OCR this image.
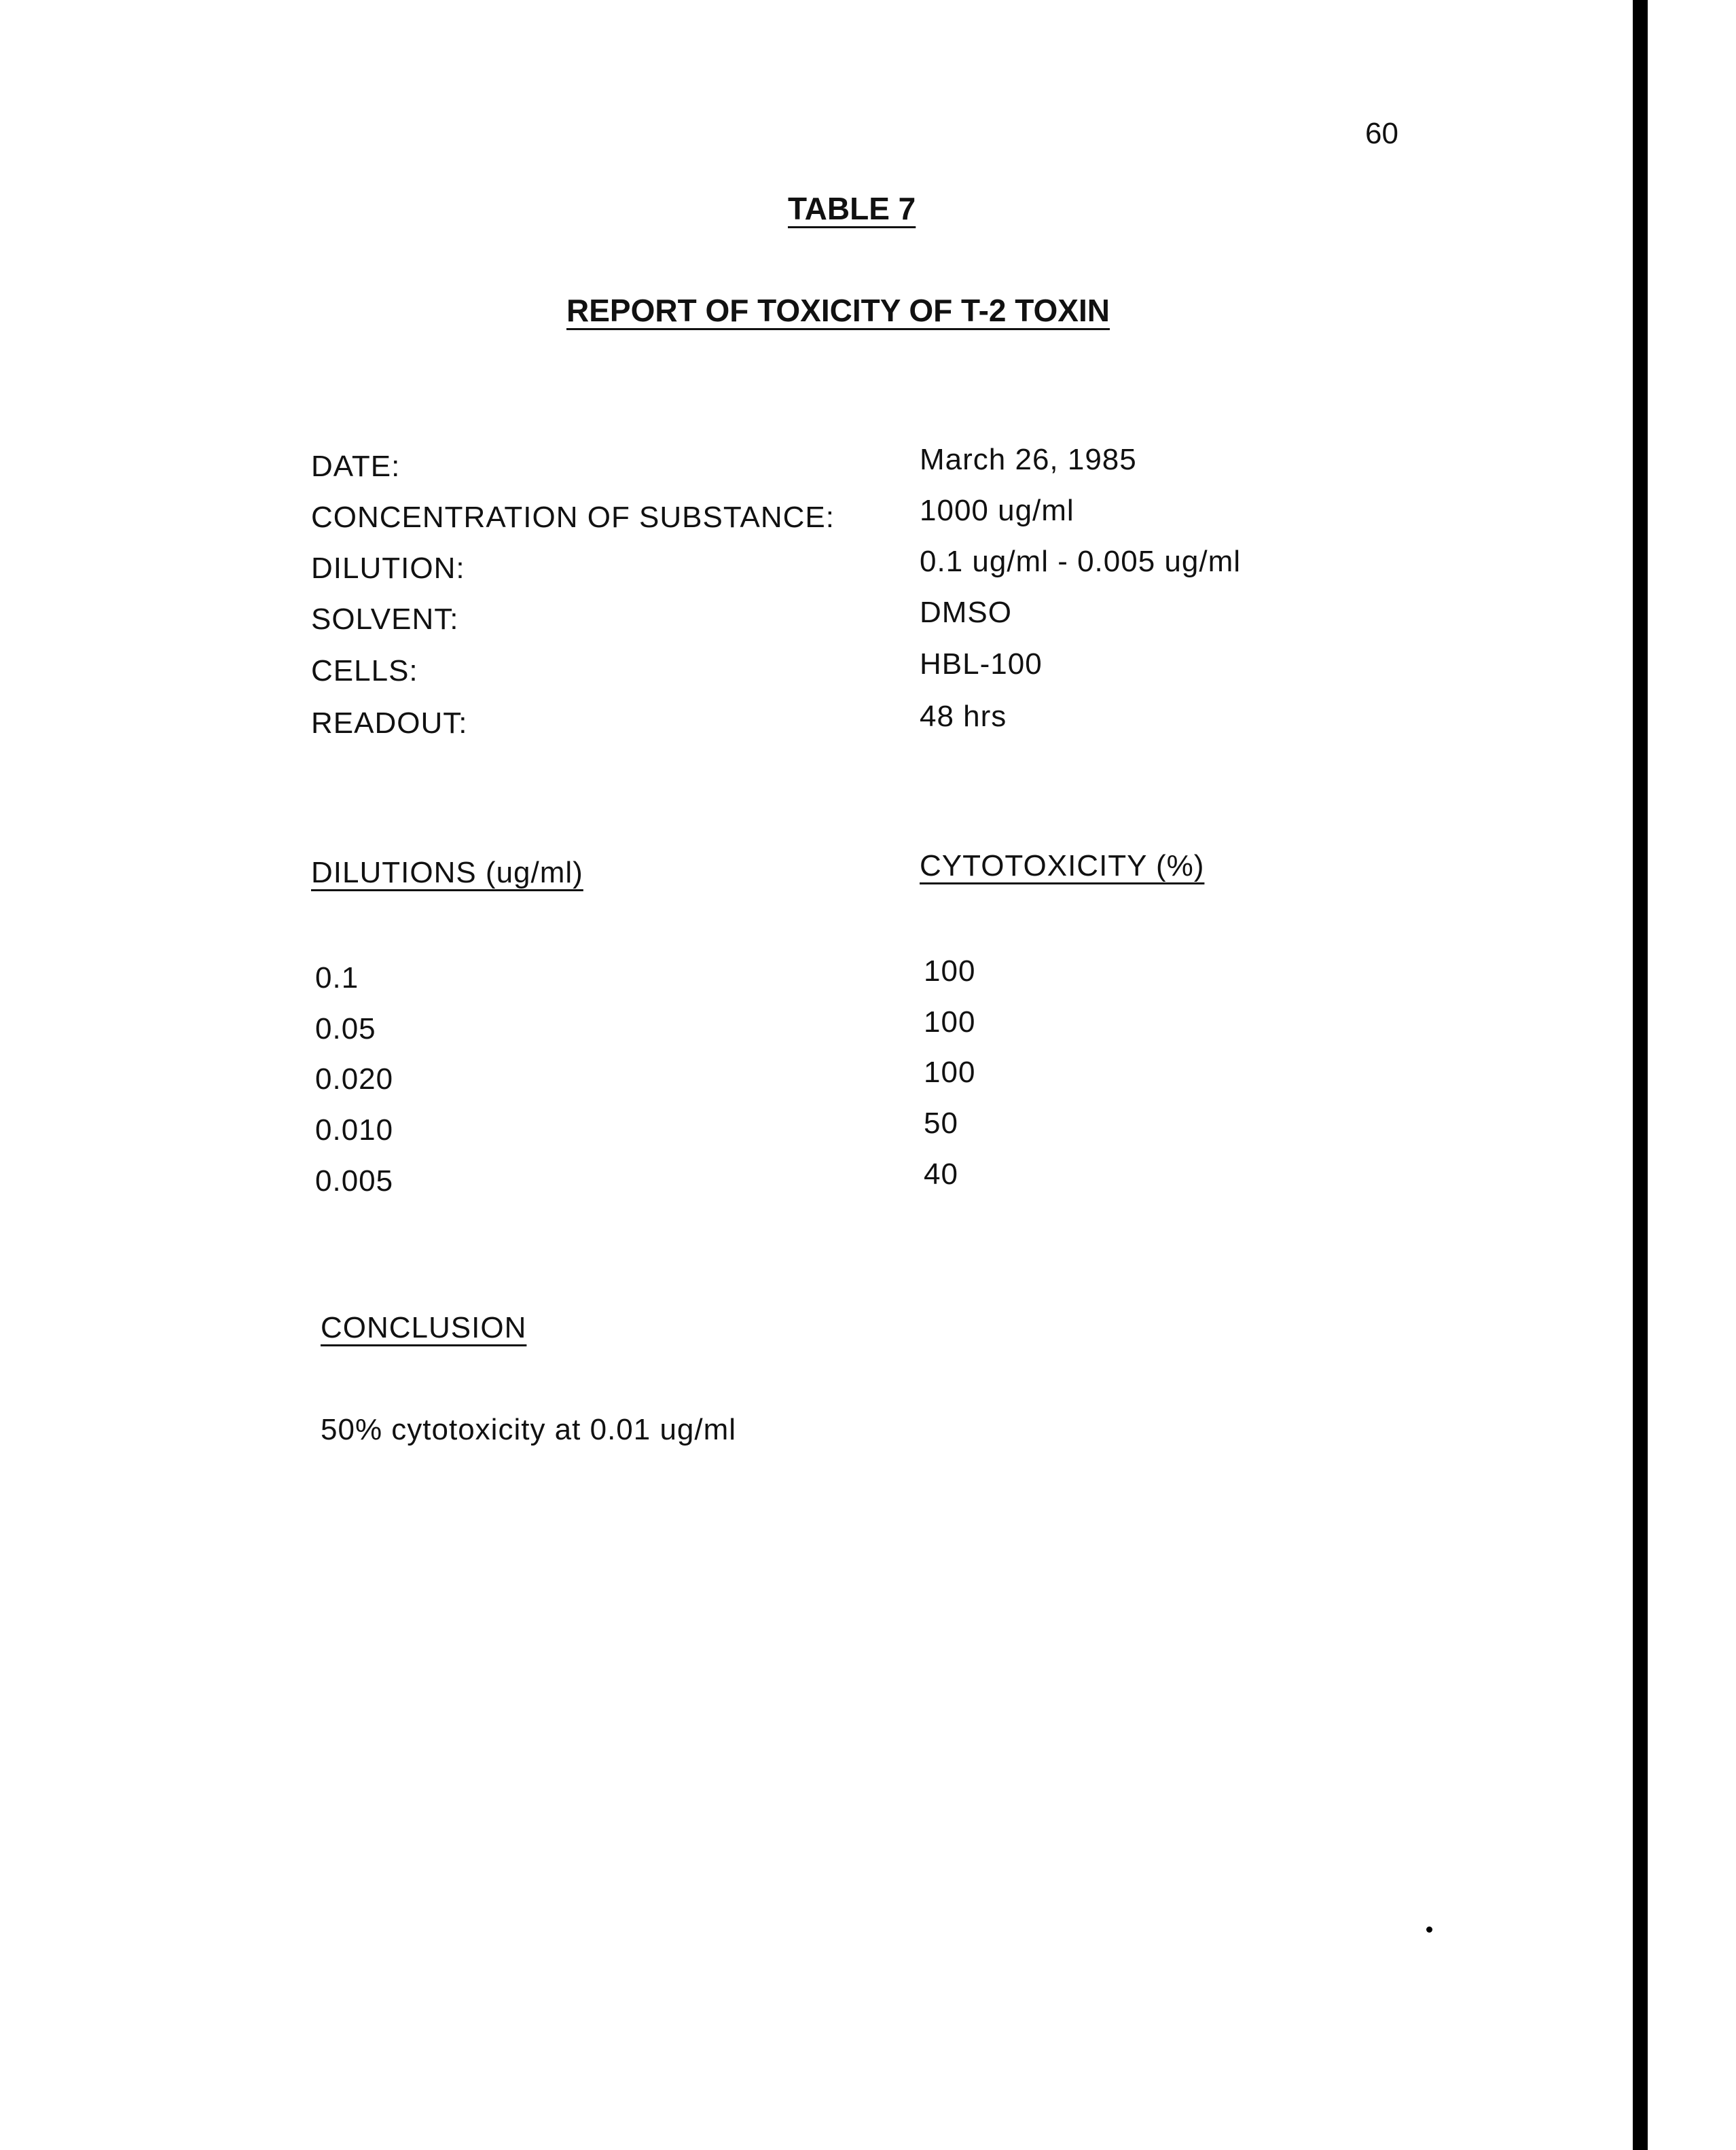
60
TABLE 7
REPORT OF TOXICITY OF T-2 TOXIN
DATE:	March 26, 1985
CONCENTRATION OF SUBSTANCE:	1000 ug/ml
DILUTION:	0.1 ug/ml - 0.005 ug/ml
SOLVENT:	DMSO
CELLS:	HBL-100
READOUT:	48 hrs
DILUTIONS (ug/ml)	CYTOTOXICITY (%)
0.1	100
0.05	100
0.020	100
0.010	50
0.005	40
CONCLUSION
50% cytotoxicity at 0.01 ug/ml
